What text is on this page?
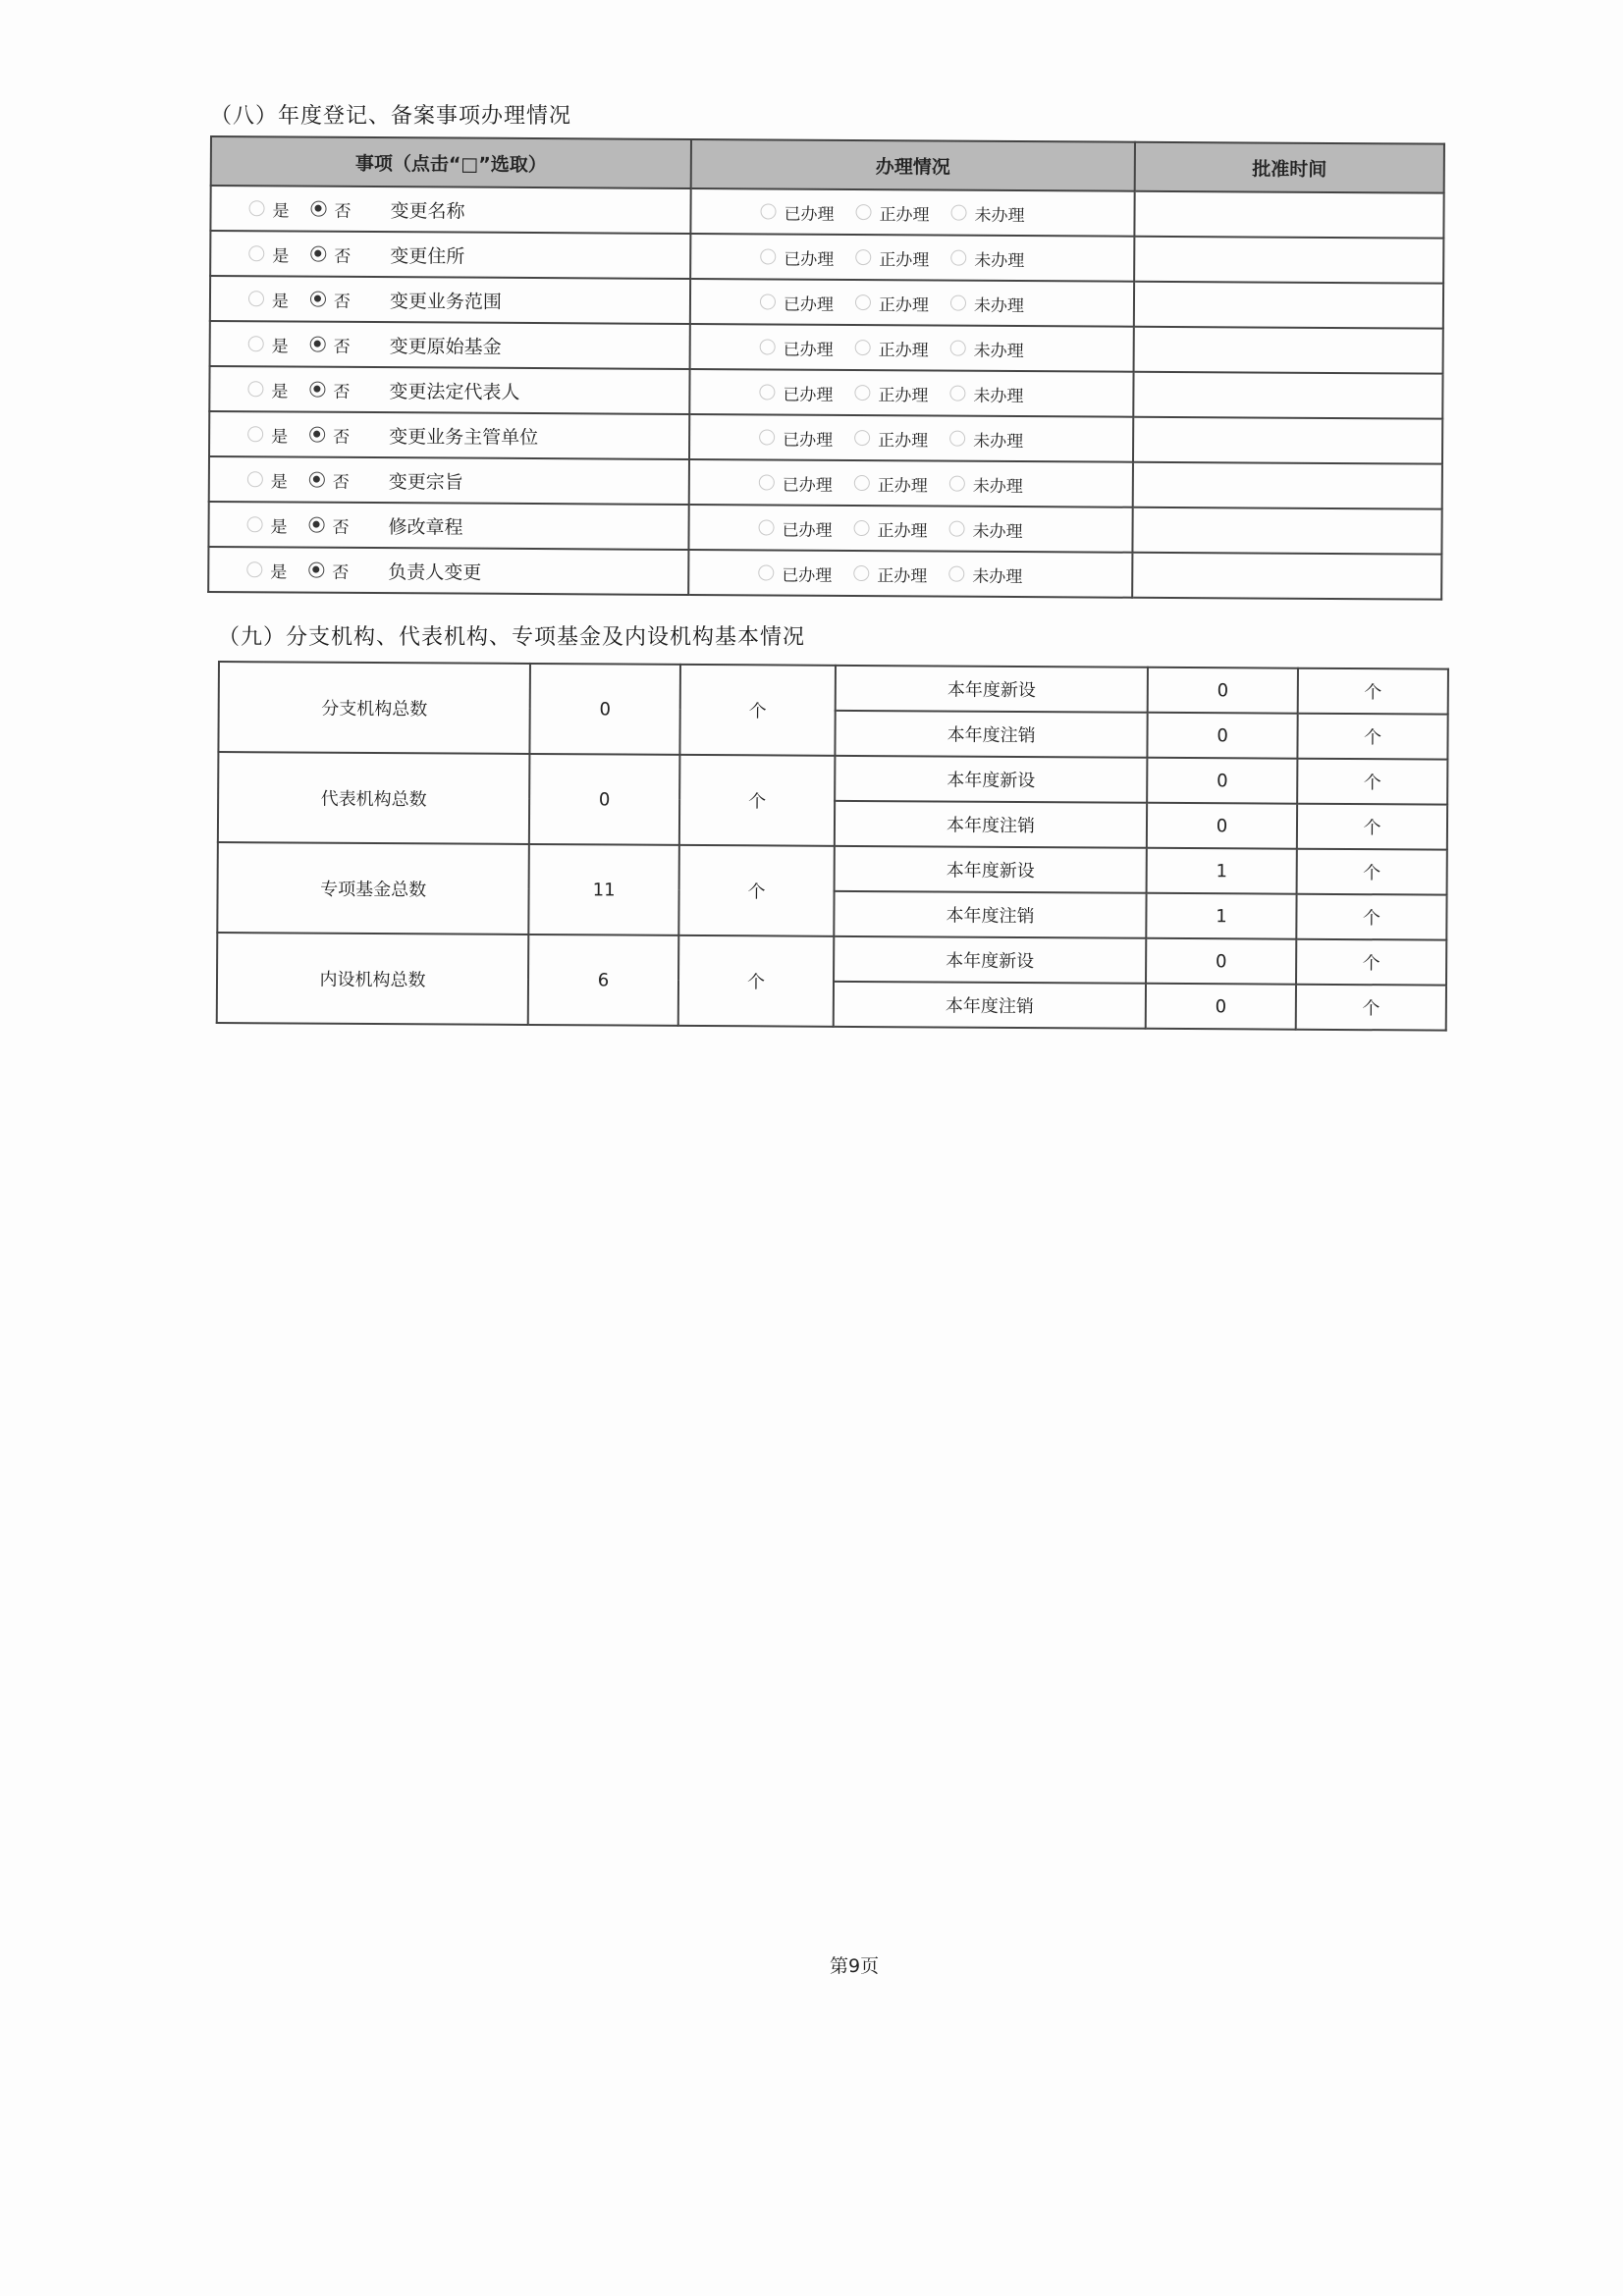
（八）年度登记、备案事项办理情况
事项（点击“□”选取）	办理情况	批准时间

是 否 变更名称	已办理 正办理 未办理	

是 否 变更住所	已办理 正办理 未办理	

是 否 变更业务范围	已办理 正办理 未办理	

是 否 变更原始基金	已办理 正办理 未办理	

是 否 变更法定代表人	已办理 正办理 未办理	

是 否 变更业务主管单位	已办理 正办理 未办理	

是 否 变更宗旨	已办理 正办理 未办理	

是 否 修改章程	已办理 正办理 未办理	

是 否 负责人变更	已办理 正办理 未办理	

（九）分支机构、代表机构、专项基金及内设机构基本情况
分支机构总数	0	个	本年度新设	0	个
			本年度注销	0	个
代表机构总数	0	个	本年度新设	0	个
			本年度注销	0	个
专项基金总数	11	个	本年度新设	1	个
			本年度注销	1	个
内设机构总数	6	个	本年度新设	0	个
			本年度注销	0	个
第9页
